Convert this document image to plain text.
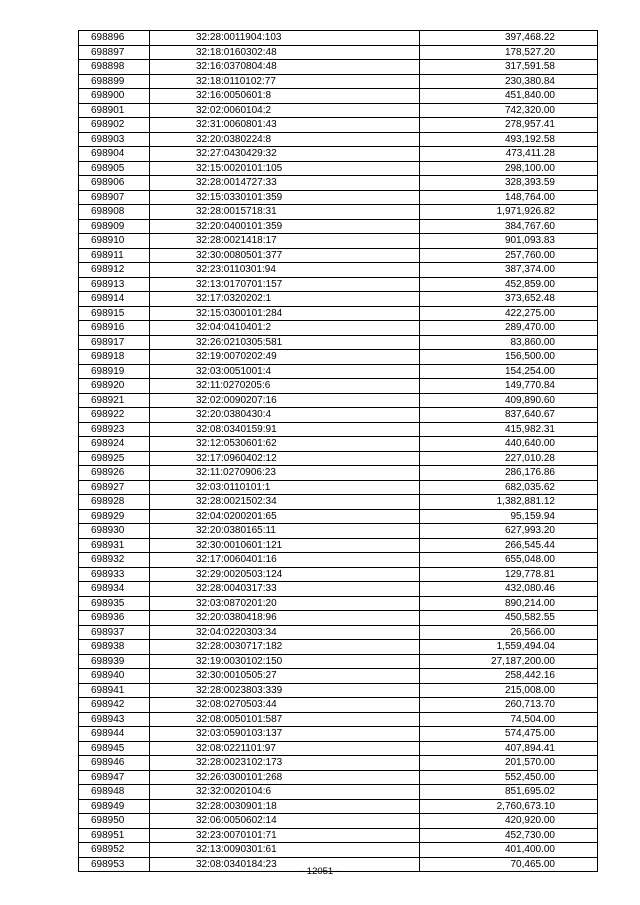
698896	32:28:0011904:103	397,468.22
698897	32:18:0160302:48	178,527.20
698898	32:16:0370804:48	317,591.58
698899	32:18:0110102:77	230,380.84
698900	32:16:0050601:8	451,840.00
698901	32:02:0060104:2	742,320.00
698902	32:31:0060801:43	278,957.41
698903	32:20:0380224:8	493,192.58
698904	32:27:0430429:32	473,411.28
698905	32:15:0020101:105	298,100.00
698906	32:28:0014727:33	328,393.59
698907	32:15:0330101:359	148,764.00
698908	32:28:0015718:31	1,971,926.82
698909	32:20:0400101:359	384,767.60
698910	32:28:0021418:17	901,093.83
698911	32:30:0080501:377	257,760.00
698912	32:23:0110301:94	387,374.00
698913	32:13:0170701:157	452,859.00
698914	32:17:0320202:1	373,652.48
698915	32:15:0300101:284	422,275.00
698916	32:04:0410401:2	289,470.00
698917	32:26:0210305:581	83,860.00
698918	32:19:0070202:49	156,500.00
698919	32:03:0051001:4	154,254.00
698920	32:11:0270205:6	149,770.84
698921	32:02:0090207:16	409,890.60
698922	32:20:0380430:4	837,640.67
698923	32:08:0340159:91	415,982.31
698924	32:12:0530601:62	440,640.00
698925	32:17:0960402:12	227,010.28
698926	32:11:0270906:23	286,176.86
698927	32:03:0110101:1	682,035.62
698928	32:28:0021502:34	1,382,881.12
698929	32:04:0200201:65	95,159.94
698930	32:20:0380165:11	627,993.20
698931	32:30:0010601:121	266,545.44
698932	32:17:0060401:16	655,048.00
698933	32:29:0020503:124	129,778.81
698934	32:28:0040317:33	432,080.46
698935	32:03:0870201:20	890,214.00
698936	32:20:0380418:96	450,582.55
698937	32:04:0220303:34	26,566.00
698938	32:28:0030717:182	1,559,494.04
698939	32:19:0030102:150	27,187,200.00
698940	32:30:0010505:27	258,442.16
698941	32:28:0023803:339	215,008.00
698942	32:08:0270503:44	260,713.70
698943	32:08:0050101:587	74,504.00
698944	32:03:0590103:137	574,475.00
698945	32:08:0221101:97	407,894.41
698946	32:28:0023102:173	201,570.00
698947	32:26:0300101:268	552,450.00
698948	32:32:0020104:6	851,695.02
698949	32:28:0030901:18	2,760,673.10
698950	32:06:0050602:14	420,920.00
698951	32:23:0070101:71	452,730.00
698952	32:13:0090301:61	401,400.00
698953	32:08:0340184:23	70,465.00
- 12051 -
